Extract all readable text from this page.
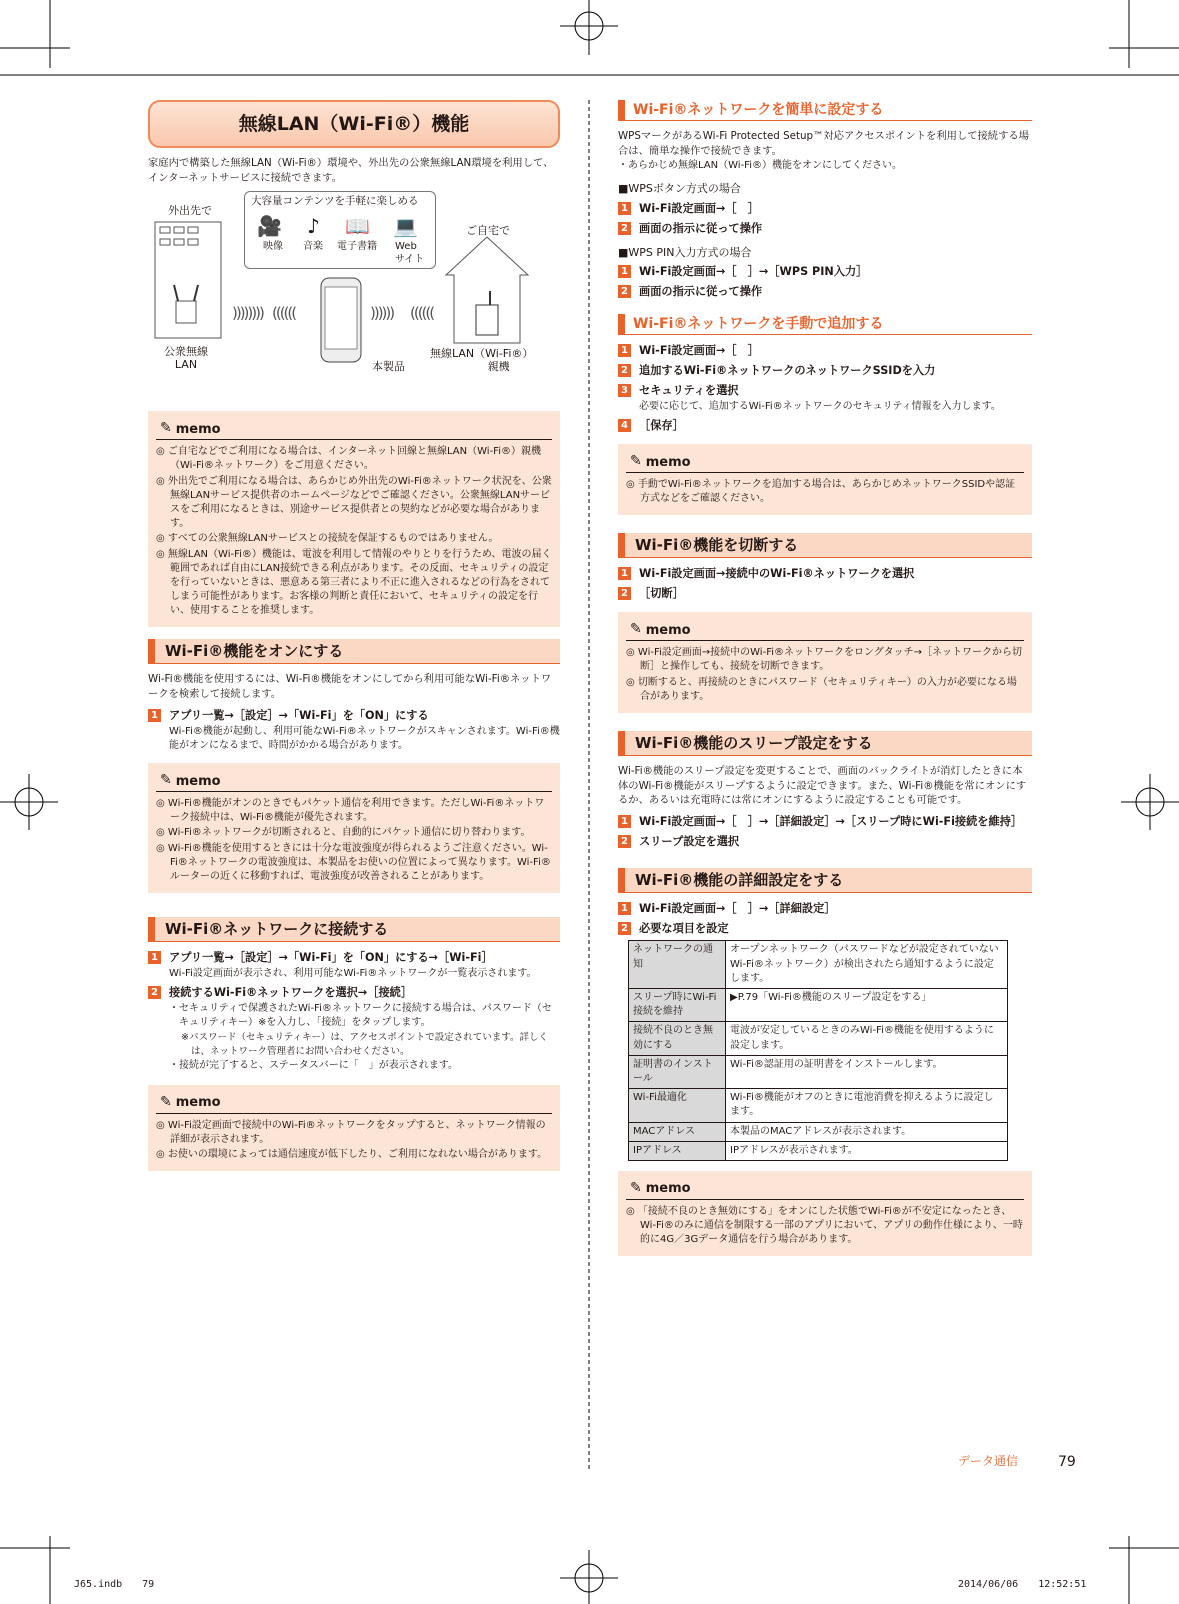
無線LAN（Wi-Fi®）機能

家庭内で構築した無線LAN（Wi-Fi®）環境や、外出先の公衆無線LAN環境を利用して、インターネットサービスに接続できます。

外出先で
公衆無線
LAN
大容量コンテンツを手軽に楽しめる
🎥 ♪ 📖 💻
映像 音楽 電子書籍 Web
サイト
ご自宅で
無線LAN（Wi-Fi®）
親機
本製品
)))))))) ((((((	)))))) ((((((
✎ memo
◎ ご自宅などでご利用になる場合は、インターネット回線と無線LAN（Wi-Fi®）親機（Wi-Fi®ネットワーク）をご用意ください。
◎ 外出先でご利用になる場合は、あらかじめ外出先のWi-Fi®ネットワーク状況を、公衆無線LANサービス提供者のホームページなどでご確認ください。公衆無線LANサービスをご利用になるときは、別途サービス提供者との契約などが必要な場合があります。
◎ すべての公衆無線LANサービスとの接続を保証するものではありません。
◎ 無線LAN（Wi-Fi®）機能は、電波を利用して情報のやりとりを行うため、電波の届く範囲であれば自由にLAN接続できる利点があります。その反面、セキュリティの設定を行っていないときは、悪意ある第三者により不正に進入されるなどの行為をされてしまう可能性があります。お客様の判断と責任において、セキュリティの設定を行い、使用することを推奨します。
Wi-Fi®機能をオンにする

Wi-Fi®機能を使用するには、Wi-Fi®機能をオンにしてから利用可能なWi-Fi®ネットワークを検索して接続します。

1 アプリ一覧→［設定］→「Wi-Fi」を「ON」にする
Wi-Fi®機能が起動し、利用可能なWi-Fi®ネットワークがスキャンされます。Wi-Fi®機能がオンになるまで、時間がかかる場合があります。
✎ memo
◎ Wi-Fi®機能がオンのときでもパケット通信を利用できます。ただしWi-Fi®ネットワーク接続中は、Wi-Fi®機能が優先されます。
◎ Wi-Fi®ネットワークが切断されると、自動的にパケット通信に切り替わります。
◎ Wi-Fi®機能を使用するときには十分な電波強度が得られるようご注意ください。Wi-Fi®ネットワークの電波強度は、本製品をお使いの位置によって異なります。Wi-Fi®ルーターの近くに移動すれば、電波強度が改善されることがあります。
Wi-Fi®ネットワークに接続する
1 アプリ一覧→［設定］→「Wi-Fi」を「ON」にする→［Wi-Fi］
Wi-Fi設定画面が表示され、利用可能なWi-Fi®ネットワークが一覧表示されます。
2 接続するWi-Fi®ネットワークを選択→［接続］
・セキュリティで保護されたWi-Fi®ネットワークに接続する場合は、パスワード（セキュリティキー）※を入力し、「接続」をタップします。
※パスワード（セキュリティキー）は、アクセスポイントで設定されています。詳しくは、ネットワーク管理者にお問い合わせください。
・接続が完了すると、ステータスバーに「　」が表示されます。
✎ memo
◎ Wi-Fi設定画面で接続中のWi-Fi®ネットワークをタップすると、ネットワーク情報の詳細が表示されます。
◎ お使いの環境によっては通信速度が低下したり、ご利用になれない場合があります。
Wi-Fi®ネットワークを簡単に設定する

WPSマークがあるWi-Fi Protected Setup™対応アクセスポイントを利用して接続する場合は、簡単な操作で接続できます。

・あらかじめ無線LAN（Wi-Fi®）機能をオンにしてください。
■WPSボタン方式の場合
1 Wi-Fi設定画面→［　］
2 画面の指示に従って操作
■WPS PIN入力方式の場合
1 Wi-Fi設定画面→［　］→［WPS PIN入力］
2 画面の指示に従って操作
Wi-Fi®ネットワークを手動で追加する
1 Wi-Fi設定画面→［　］
2 追加するWi-Fi®ネットワークのネットワークSSIDを入力
3 セキュリティを選択
必要に応じて、追加するWi-Fi®ネットワークのセキュリティ情報を入力します。
4 ［保存］
✎ memo
◎ 手動でWi-Fi®ネットワークを追加する場合は、あらかじめネットワークSSIDや認証方式などをご確認ください。
Wi-Fi®機能を切断する
1 Wi-Fi設定画面→接続中のWi-Fi®ネットワークを選択
2 ［切断］
✎ memo
◎ Wi-Fi設定画面→接続中のWi-Fi®ネットワークをロングタッチ→［ネットワークから切断］と操作しても、接続を切断できます。
◎ 切断すると、再接続のときにパスワード（セキュリティキー）の入力が必要になる場合があります。
Wi-Fi®機能のスリープ設定をする

Wi-Fi®機能のスリープ設定を変更することで、画面のバックライトが消灯したときに本体のWi-Fi®機能がスリープするように設定できます。また、Wi-Fi®機能を常にオンにするか、あるいは充電時には常にオンにするように設定することも可能です。

1 Wi-Fi設定画面→［　］→［詳細設定］→［スリープ時にWi-Fi接続を維持］
2 スリープ設定を選択
Wi-Fi®機能の詳細設定をする
1 Wi-Fi設定画面→［　］→［詳細設定］
2 必要な項目を設定
ネットワークの通知	オープンネットワーク（パスワードなどが設定されていないWi-Fi®ネットワーク）が検出されたら通知するように設定します。
スリープ時にWi-Fi接続を維持	▶P.79「Wi-Fi®機能のスリープ設定をする」
接続不良のとき無効にする	電波が安定しているときのみWi-Fi®機能を使用するように設定します。
証明書のインストール	Wi-Fi®認証用の証明書をインストールします。
Wi-Fi最適化	Wi-Fi®機能がオフのときに電池消費を抑えるように設定します。
MACアドレス	本製品のMACアドレスが表示されます。
IPアドレス	IPアドレスが表示されます。
✎ memo
◎ 「接続不良のとき無効にする」をオンにした状態でWi-Fi®が不安定になったとき、Wi-Fi®のみに通信を制限する一部のアプリにおいて、アプリの動作仕様により、一時的に4G／3Gデータ通信を行う場合があります。
データ通信	79
J65.indb　　79	2014/06/06　　12:52:51
